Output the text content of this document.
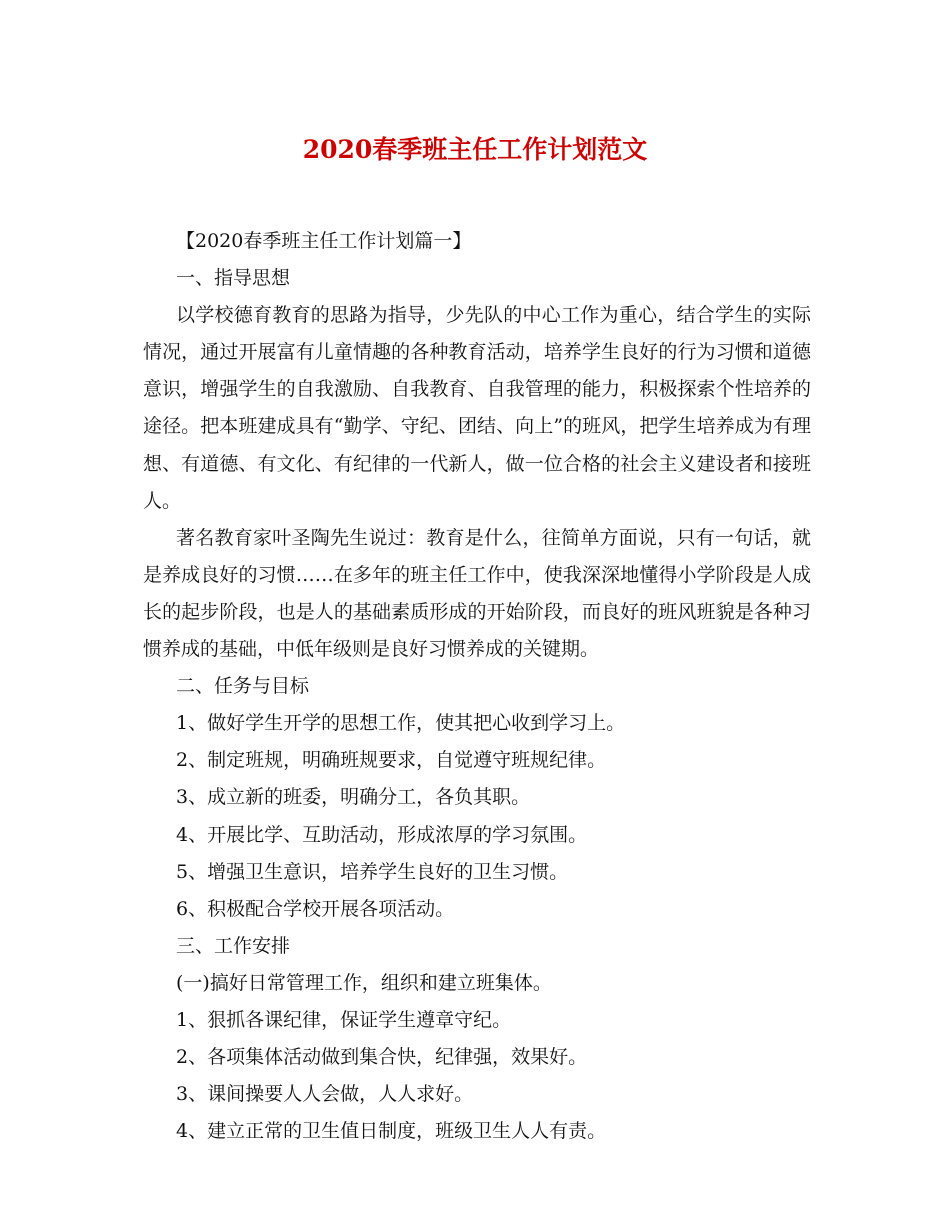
2020春季班主任工作计划范文

【2020春季班主任工作计划篇一】

一、指导思想

以学校德育教育的思路为指导，少先队的中心工作为重心，结合学生的实际情况，通过开展富有儿童情趣的各种教育活动，培养学生良好的行为习惯和道德意识，增强学生的自我激励、自我教育、自我管理的能力，积极探索个性培养的途径。把本班建成具有“勤学、守纪、团结、向上”的班风，把学生培养成为有理想、有道德、有文化、有纪律的一代新人，做一位合格的社会主义建设者和接班人。

著名教育家叶圣陶先生说过：教育是什么，往简单方面说，只有一句话，就是养成良好的习惯……在多年的班主任工作中，使我深深地懂得小学阶段是人成长的起步阶段，也是人的基础素质形成的开始阶段，而良好的班风班貌是各种习惯养成的基础，中低年级则是良好习惯养成的关键期。

二、任务与目标

1、做好学生开学的思想工作，使其把心收到学习上。

2、制定班规，明确班规要求，自觉遵守班规纪律。

3、成立新的班委，明确分工，各负其职。

4、开展比学、互助活动，形成浓厚的学习氛围。

5、增强卫生意识，培养学生良好的卫生习惯。

6、积极配合学校开展各项活动。

三、工作安排

(一)搞好日常管理工作，组织和建立班集体。

1、狠抓各课纪律，保证学生遵章守纪。

2、各项集体活动做到集合快，纪律强，效果好。

3、课间操要人人会做，人人求好。

4、建立正常的卫生值日制度，班级卫生人人有责。
